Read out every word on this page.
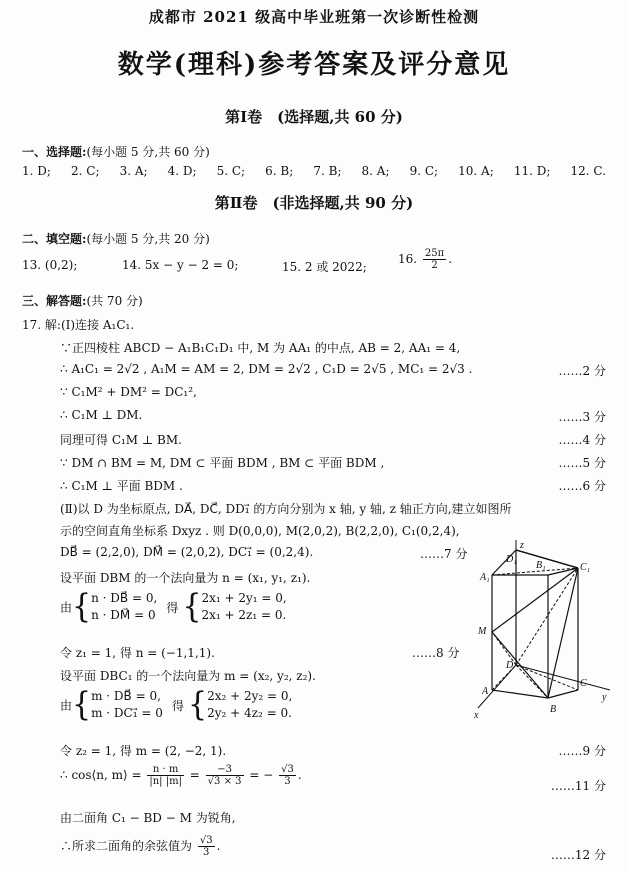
成都市 2021 级高中毕业班第一次诊断性检测
数学(理科)参考答案及评分意见
第Ⅰ卷　(选择题,共 60 分)
一、选择题:(每小题 5 分,共 60 分)
1. D; 2. C; 3. A; 4. D; 5. C; 6. B; 7. B; 8. A; 9. C; 10. A; 11. D; 12. C.
第Ⅱ卷　(非选择题,共 90 分)
二、填空题:(每小题 5 分,共 20 分)
13. (0,2);	14. 5x − y − 2 = 0;	15. 2 或 2022;
16. $\frac{25\pi}{2}$ .
三、解答题:(共 70 分)
17. 解:(Ⅰ)连接 A₁C₁.
∵正四棱柱 ABCD − A₁B₁C₁D₁ 中, M 为 AA₁ 的中点, AB = 2, AA₁ = 4,
∴ A₁C₁ = 2√2 , A₁M = AM = 2, DM = 2√2 , C₁D = 2√5 , MC₁ = 2√3 .	……2 分
∵ C₁M² + DM² = DC₁²,
∴ C₁M ⊥ DM.	……3 分
同理可得 C₁M ⊥ BM.	……4 分
∵ DM ∩ BM = M, DM ⊂ 平面 BDM , BM ⊂ 平面 BDM ,	……5 分
∴ C₁M ⊥ 平面 BDM .	……6 分
(Ⅱ)以 D 为坐标原点, DA⃗, DC⃗, DD₁⃗ 的方向分别为 x 轴, y 轴, z 轴正方向,建立如图所
示的空间直角坐标系 Dxyz . 则 D(0,0,0), M(2,0,2), B(2,2,0), C₁(0,2,4),
DB⃗ = (2,2,0), DM⃗ = (2,0,2), DC₁⃗ = (0,2,4).	……7 分
设平面 DBM 的一个法向量为 n = (x₁, y₁, z₁).
由{n · DB⃗ = 0,
n · DM⃗ = 0 得 {2x₁ + 2y₁ = 0,
2x₁ + 2z₁ = 0.
令 z₁ = 1, 得 n = (−1,1,1).	……8 分
设平面 DBC₁ 的一个法向量为 m = (x₂, y₂, z₂).
由{m · DB⃗ = 0,
m · DC₁⃗ = 0 得 {2x₂ + 2y₂ = 0,
2y₂ + 4z₂ = 0.
令 z₂ = 1, 得 m = (2, −2, 1).	……9 分
∴ cos⟨n, m⟩ = $\frac{n \cdot m}{|n| |m|} = \frac{-3}{√3 \times 3}$ = − $\frac{√3}{3}$ .
……11 分
由二面角 C₁ − BD − M 为锐角,
∴所求二面角的余弦值为 $\frac{√3}{3}$ .
……12 分
D₁
B₁	C₁
A₁
M
A
D
C
B
x
y
z
